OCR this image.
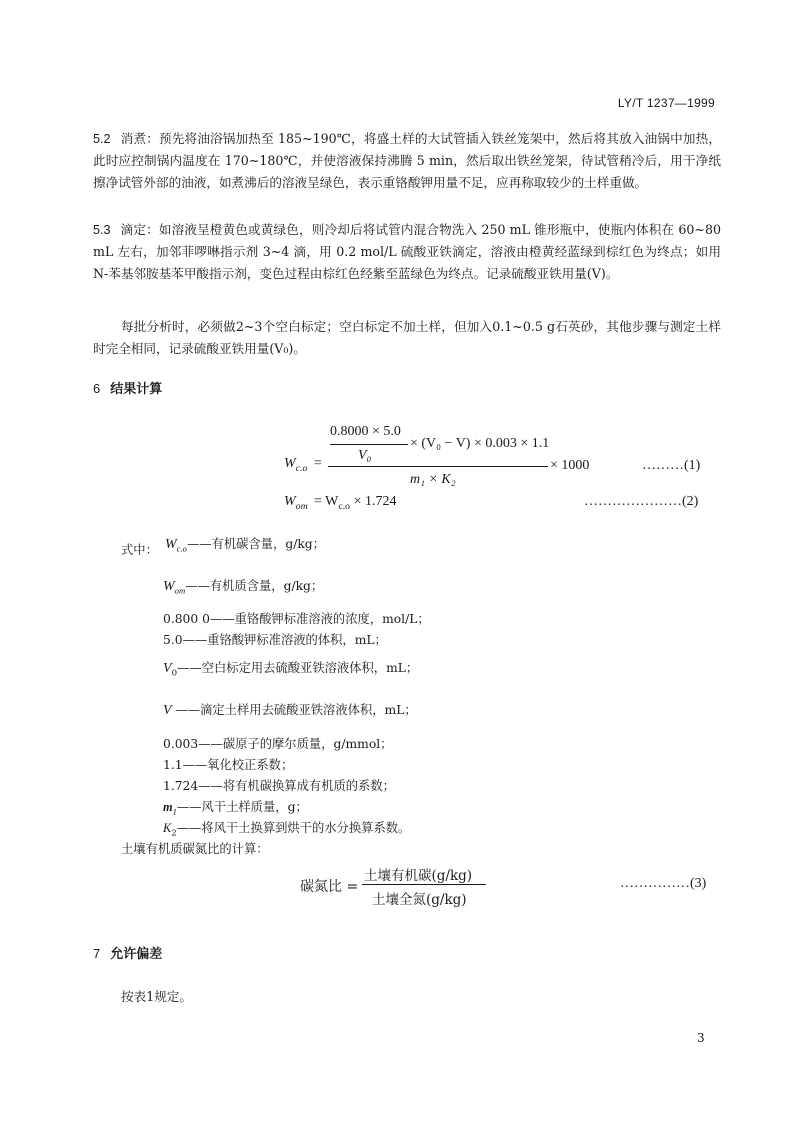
LY/T 1237—1999
5.2 消煮：预先将油浴锅加热至 185~190℃，将盛土样的大试管插入铁丝笼架中，然后将其放入油锅中加热，此时应控制锅内温度在 170~180℃，并使溶液保持沸腾 5 min，然后取出铁丝笼架，待试管稍冷后，用干净纸擦净试管外部的油液，如煮沸后的溶液呈绿色，表示重铬酸钾用量不足，应再称取较少的土样重做。
5.3 滴定：如溶液呈橙黄色或黄绿色，则冷却后将试管内混合物洗入 250 mL 锥形瓶中，使瓶内体积在 60~80 mL 左右，加邻菲啰啉指示剂 3~4 滴，用 0.2 mol/L 硫酸亚铁滴定，溶液由橙黄经蓝绿到棕红色为终点；如用 N-苯基邻胺基苯甲酸指示剂，变色过程由棕红色经紫至蓝绿色为终点。记录硫酸亚铁用量(V)。
每批分析时，必须做2~3个空白标定；空白标定不加土样，但加入0.1~0.5 g石英砂，其他步骤与测定土样时完全相同，记录硫酸亚铁用量(V₀)。
6 结果计算
$W_{c.o}$ =
0.8000 × 5.0
V₀
× (V₀ − V) × 0.003 × 1.1
m₁ × K₂
× 1000	………(1)
$W_{om} = W_{c.o} \times 1.724$	…………………(2)
式中： $W_{c.o}——$有机碳含量，g/kg；
$W_{om}——$有机质含量，g/kg；
0.800 0——重铬酸钾标准溶液的浓度，mol/L；
5.0——重铬酸钾标准溶液的体积，mL；
$V_0——$空白标定用去硫酸亚铁溶液体积，mL；
V ——滴定土样用去硫酸亚铁溶液体积，mL；
0.003——碳原子的摩尔质量，g/mmol；
1.1——氧化校正系数；
1.724——将有机碳换算成有机质的系数；
$m_1——$风干土样质量，g；
$K_2——$将风干土换算到烘干的水分换算系数。
土壤有机质碳氮比的计算：
碳氮比 =
土壤有机碳(g/kg)
土壤全氮(g/kg)
……………(3)
7 允许偏差
按表1规定。
3
